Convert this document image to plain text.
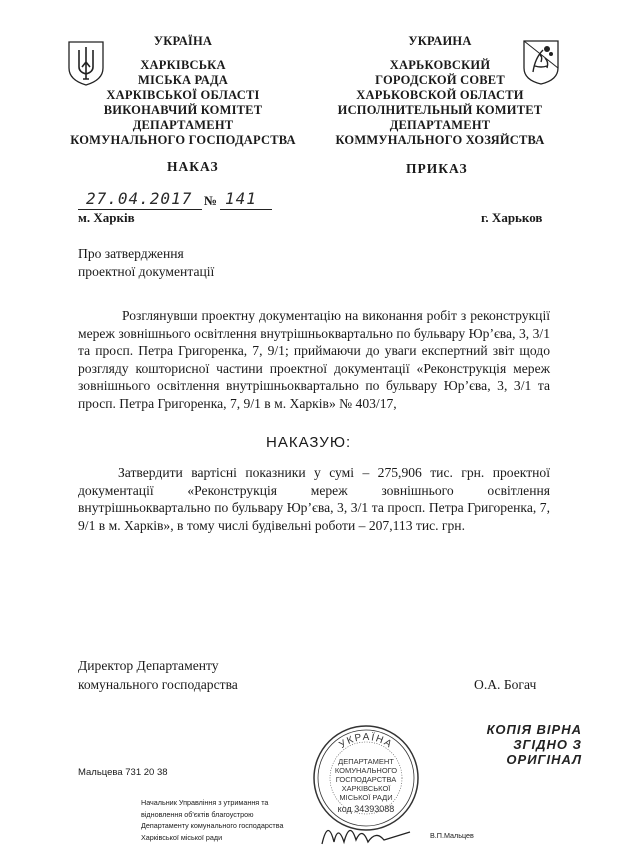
УКРАЇНА
ХАРКІВСЬКА
МІСЬКА РАДА
ХАРКІВСЬКОЇ ОБЛАСТІ
ВИКОНАВЧИЙ КОМІТЕТ
ДЕПАРТАМЕНТ
КОМУНАЛЬНОГО ГОСПОДАРСТВА
УКРАИНА
ХАРЬКОВСКИЙ
ГОРОДСКОЙ СОВЕТ
ХАРЬКОВСКОЙ ОБЛАСТИ
ИСПОЛНИТЕЛЬНЫЙ КОМИТЕТ
ДЕПАРТАМЕНТ
КОММУНАЛЬНОГО ХОЗЯЙСТВА
НАКАЗ	ПРИКАЗ
27.04.2017 № 141
м. Харків	г. Харьков
Про затвердження
проектної документації
Розглянувши проектну документацію на виконання робіт з реконструкції мереж зовнішнього освітлення внутрішньоквартально по бульвару Юр’єва, 3, 3/1 та просп. Петра Григоренка, 7, 9/1; приймаючи до уваги експертний звіт щодо розгляду кошторисної частини проектної документації «Реконструкція мереж зовнішнього освітлення внутрішньоквартально по бульвару Юр’єва, 3, 3/1 та просп. Петра Григоренка, 7, 9/1 в м. Харків» № 403/17,
НАКАЗУЮ:
Затвердити вартісні показники у сумі – 275,906 тис. грн. проектної документації «Реконструкція мереж зовнішнього освітлення внутрішньоквартально по бульвару Юр’єва, 3, 3/1 та просп. Петра Григоренка, 7, 9/1 в м. Харків», в тому числі будівельні роботи – 207,113 тис. грн.
Директор Департаменту
комунального господарства	О.А. Богач
КОПІЯ ВІРНА
ЗГІДНО З
ОРИГІНАЛ
УКРАЇНА
ДЕПАРТАМЕНТ
КОМУНАЛЬНОГО
ГОСПОДАРСТВА
ХАРКІВСЬКОЇ
МІСЬКОЇ РАДИ
код 34393088
Мальцева 731 20 38
Начальник Управління з утримання та
відновлення об'єктів благоустрою
Департаменту комунального господарства
Харківської міської ради	В.П.Мальцев
